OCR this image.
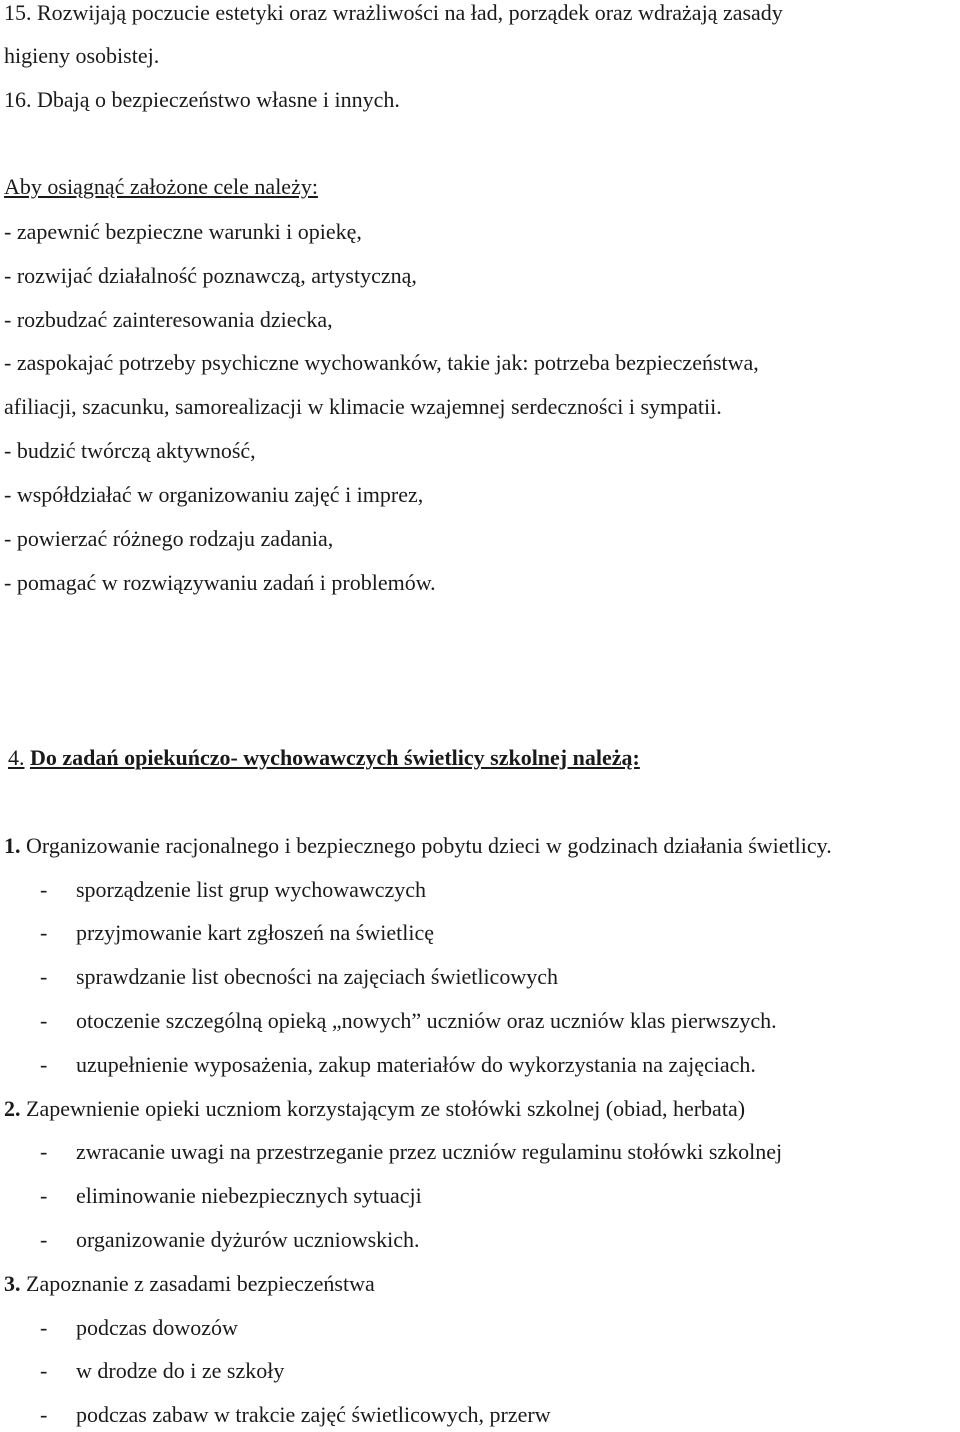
15. Rozwijają poczucie estetyki oraz wrażliwości na ład, porządek oraz wdrażają zasady
higieny osobistej.
16. Dbają o bezpieczeństwo własne i innych.
Aby osiągnąć założone cele należy:
- zapewnić bezpieczne warunki i opiekę,
- rozwijać działalność poznawczą, artystyczną,
- rozbudzać zainteresowania dziecka,
- zaspokajać potrzeby psychiczne wychowanków, takie jak: potrzeba bezpieczeństwa,
afiliacji, szacunku, samorealizacji w klimacie wzajemnej serdeczności i sympatii.
- budzić twórczą aktywność,
- współdziałać w organizowaniu zajęć i imprez,
- powierzać różnego rodzaju zadania,
- pomagać w rozwiązywaniu zadań i problemów.
4. Do zadań opiekuńczo- wychowawczych świetlicy szkolnej należą:
1. Organizowanie racjonalnego i bezpiecznego pobytu dzieci w godzinach działania świetlicy.
- sporządzenie list grup wychowawczych
- przyjmowanie kart zgłoszeń na świetlicę
- sprawdzanie list obecności na zajęciach świetlicowych
- otoczenie szczególną opieką „nowych” uczniów oraz uczniów klas pierwszych.
- uzupełnienie wyposażenia, zakup materiałów do wykorzystania na zajęciach.
2. Zapewnienie opieki uczniom korzystającym ze stołówki szkolnej (obiad, herbata)
- zwracanie uwagi na przestrzeganie przez uczniów regulaminu stołówki szkolnej
- eliminowanie niebezpiecznych sytuacji
- organizowanie dyżurów uczniowskich.
3. Zapoznanie z zasadami bezpieczeństwa
- podczas dowozów
- w drodze do i ze szkoły
- podczas zabaw w trakcie zajęć świetlicowych, przerw
